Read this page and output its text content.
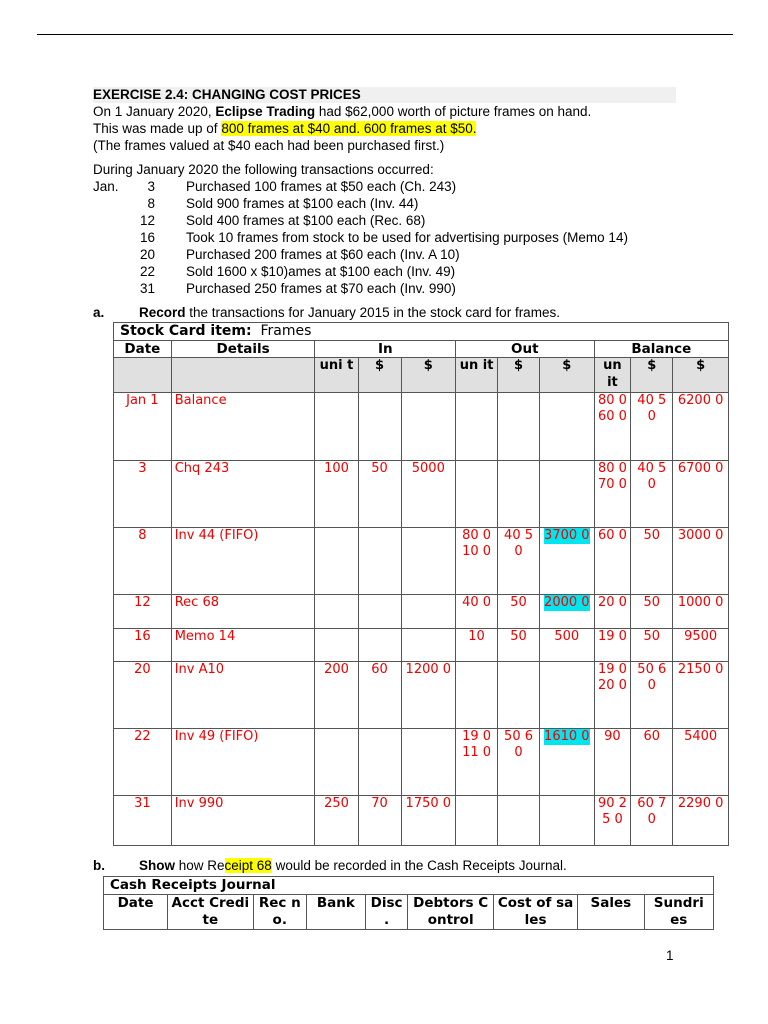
EXERCISE 2.4: CHANGING COST PRICES
On 1 January 2020, Eclipse Trading had $62,000 worth of picture frames on hand.
This was made up of 800 frames at $40 and. 600 frames at $50.
(The frames valued at $40 each had been purchased first.)
During January 2020 the following transactions occurred:
Jan.	3 Purchased 100 frames at $50 each (Ch. 243)
8 Sold 900 frames at $100 each (Inv. 44)
12 Sold 400 frames at $100 each (Rec. 68)
16 Took 10 frames from stock to be used for advertising purposes (Memo 14)
20 Purchased 200 frames at $60 each (Inv. A 10)
22 Sold 1600 x $10)ames at $100 each (Inv. 49)
31 Purchased 250 frames at $70 each (Inv. 990)
a.	Record the transactions for January 2015 in the stock card for frames.
Stock Card item: Frames										
Date	Details	In			Out			Balance		
		uni t	$	$	un it	$	$	un it	$	$
Jan 1	Balance							80 0 60 0	40 50	6200 0
3	Chq 243	100	50	5000				80 0 70 0	40 50	6700 0
8	Inv 44 (FIFO)				80 0 10 0	40 50	3700 0	60 0	50	3000 0
12	Rec 68				40 0	50	2000 0	20 0	50	1000 0
16	Memo 14				10	50	500	19 0	50	9500
20	Inv A10	200	60	1200 0				19 0 20 0	50 60	2150 0
22	Inv 49 (FIFO)				19 0 11 0	50 60	1610 0	90	60	5400
31	Inv 990	250	70	1750 0				90 25 0	60 70	2290 0
b.	Show how Receipt 68 would be recorded in the Cash Receipts Journal.
Cash Receipts Journal
Date	Acct Credite	Rec no.	Bank	Disc .	Debtors Control	Cost of sales	Sales	Sundri es
1
